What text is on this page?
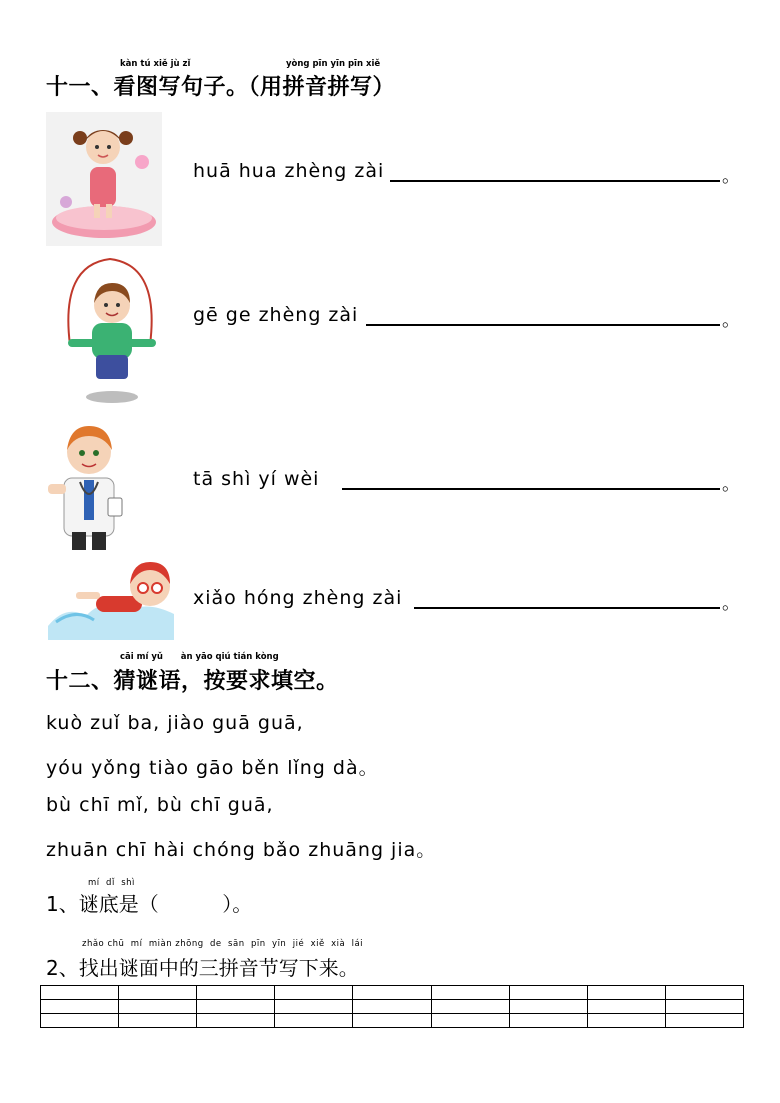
kàn tú xiě jù zǐ	yòng pīn yīn pīn xiě
十一、看图写句子。（用拼音拼写）
huā hua zhèng zài	。
gē ge zhèng zài	。
tā shì yí wèi	。
xiǎo hóng zhèng zài	。
cāi mí yǔ      àn yāo qiú tián kòng
十二、猜谜语，按要求填空。
kuò zuǐ ba, jiào guā guā,
yóu yǒng tiào gāo běn lǐng dà。
bù chī mǐ, bù chī guā,
zhuān chī hài chóng bǎo zhuāng jia。
mí  dǐ  shì
1、谜底是（          ）。
zhǎo chū  mí  miàn zhōng  de  sān  pīn  yīn  jié  xiě  xià  lái
2、找出谜面中的三拼音节写下来。
